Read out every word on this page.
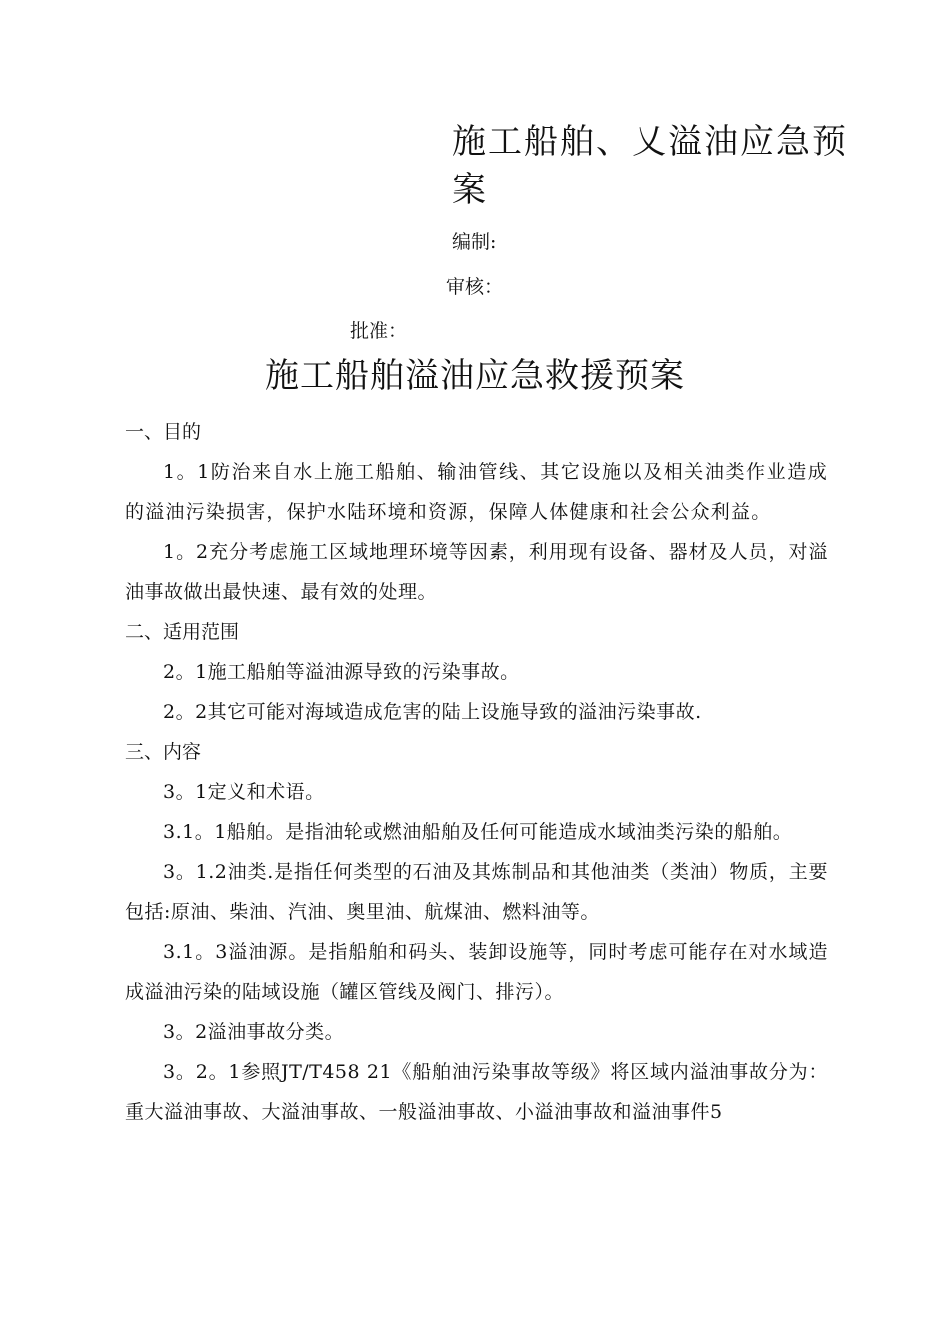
施工船舶、乂溢油应急预案
编制:
审核：
批准：
施工船舶溢油应急救援预案

一、目的

1。1防治来自水上施工船舶、输油管线、其它设施以及相关油类作业造成的溢油污染损害，保护水陆环境和资源，保障人体健康和社会公众利益。

1。2充分考虑施工区域地理环境等因素，利用现有设备、器材及人员，对溢油事故做出最快速、最有效的处理。

二、适用范围

2。1施工船舶等溢油源导致的污染事故。

2。2其它可能对海域造成危害的陆上设施导致的溢油污染事故.

三、内容

3。1定义和术语。

3.1。1船舶。是指油轮或燃油船舶及任何可能造成水域油类污染的船舶。

3。1.2油类.是指任何类型的石油及其炼制品和其他油类（类油）物质，主要包括:原油、柴油、汽油、奥里油、航煤油、燃料油等。

3.1。3溢油源。是指船舶和码头、装卸设施等，同时考虑可能存在对水域造成溢油污染的陆域设施（罐区管线及阀门、排污）。

3。2溢油事故分类。

3。2。1参照JT/T458 21《船舶油污染事故等级》将区域内溢油事故分为：重大溢油事故、大溢油事故、一般溢油事故、小溢油事故和溢油事件5
